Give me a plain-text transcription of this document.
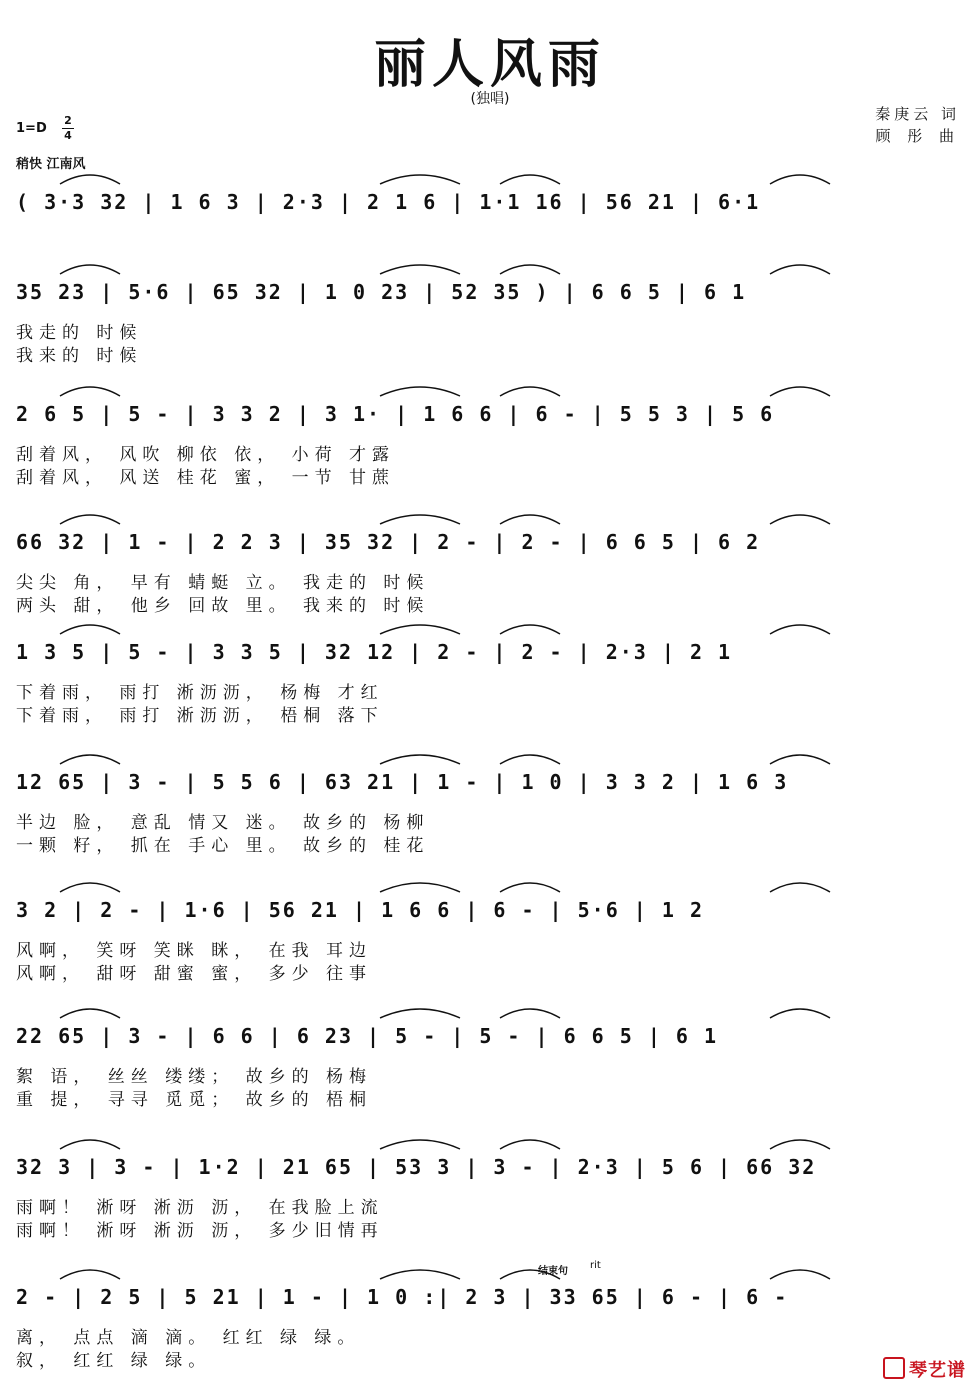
丽人风雨
(独唱)
秦庚云 词
顾 彤 曲
1=D
2
4
稍快 江南风
( 3·3 32 | 1 6 3 | 2·3 | 2 1 6 | 1·1 16 | 56 21 | 6·1
35 23 | 5·6 | 65 32 | 1 0 23 | 52 35 ) | 6 6 5 | 6 1
我走的 时候
我来的 时候
2 6 5 | 5 - | 3 3 2 | 3 1· | 1 6 6 | 6 - | 5 5 3 | 5 6
刮着风， 风吹 柳依 依， 小荷 才露
刮着风， 风送 桂花 蜜， 一节 甘蔗
66 32 | 1 - | 2 2 3 | 35 32 | 2 - | 2 - | 6 6 5 | 6 2
尖尖 角， 早有 蜻蜓 立。 我走的 时候
两头 甜， 他乡 回故 里。 我来的 时候
1 3 5 | 5 - | 3 3 5 | 32 12 | 2 - | 2 - | 2·3 | 2 1
下着雨， 雨打 淅沥沥， 杨梅 才红
下着雨， 雨打 淅沥沥， 梧桐 落下
12 65 | 3 - | 5 5 6 | 63 21 | 1 - | 1 0 | 3 3 2 | 1 6 3
半边 脸， 意乱 情又 迷。 故乡的 杨柳
一颗 籽， 抓在 手心 里。 故乡的 桂花
3 2 | 2 - | 1·6 | 56 21 | 1 6 6 | 6 - | 5·6 | 1 2
风啊， 笑呀 笑眯 眯， 在我 耳边
风啊， 甜呀 甜蜜 蜜， 多少 往事
22 65 | 3 - | 6 6 | 6 23 | 5 - | 5 - | 6 6 5 | 6 1
絮 语， 丝丝 缕缕； 故乡的 杨梅
重 提， 寻寻 觅觅； 故乡的 梧桐
32 3 | 3 - | 1·2 | 21 65 | 53 3 | 3 - | 2·3 | 5 6 | 66 32
雨啊！ 淅呀 淅沥 沥， 在我脸上流
雨啊！ 淅呀 淅沥 沥， 多少旧情再
2 - | 2 5 | 5 21 | 1 - | 1 0 :| 2 3 | 33 65 | 6 - | 6 -
离， 点点 滴 滴。 红红 绿 绿。
叙， 红红 绿 绿。
结束句
rit
琴艺谱
